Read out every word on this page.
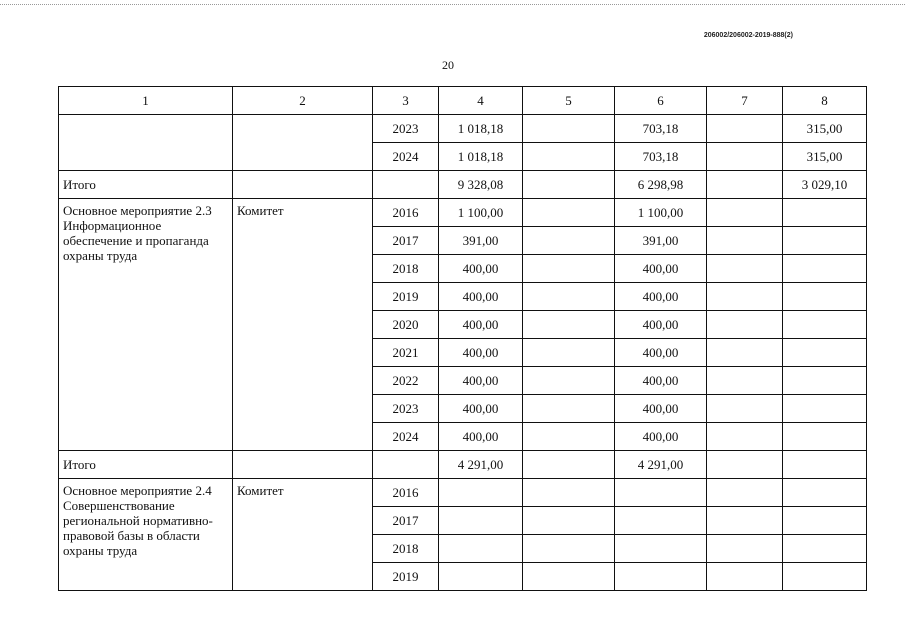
206002/206002-2019-888(2)
20
1	2	3	4	5	6	7	8
		2023	1 018,18		703,18		315,00
		2024	1 018,18		703,18		315,00
Итого			9 328,08		6 298,98		3 029,10
Основное мероприятие 2.3 Информационное обеспечение и пропаганда охраны труда	Комитет	2016	1 100,00		1 100,00		
		2017	391,00		391,00		
		2018	400,00		400,00		
		2019	400,00		400,00		
		2020	400,00		400,00		
		2021	400,00		400,00		
		2022	400,00		400,00		
		2023	400,00		400,00		
		2024	400,00		400,00		
Итого			4 291,00		4 291,00		
Основное мероприятие 2.4 Совершенствование региональной нормативно-правовой базы в области охраны труда	Комитет	2016					
		2017					
		2018					
		2019					
